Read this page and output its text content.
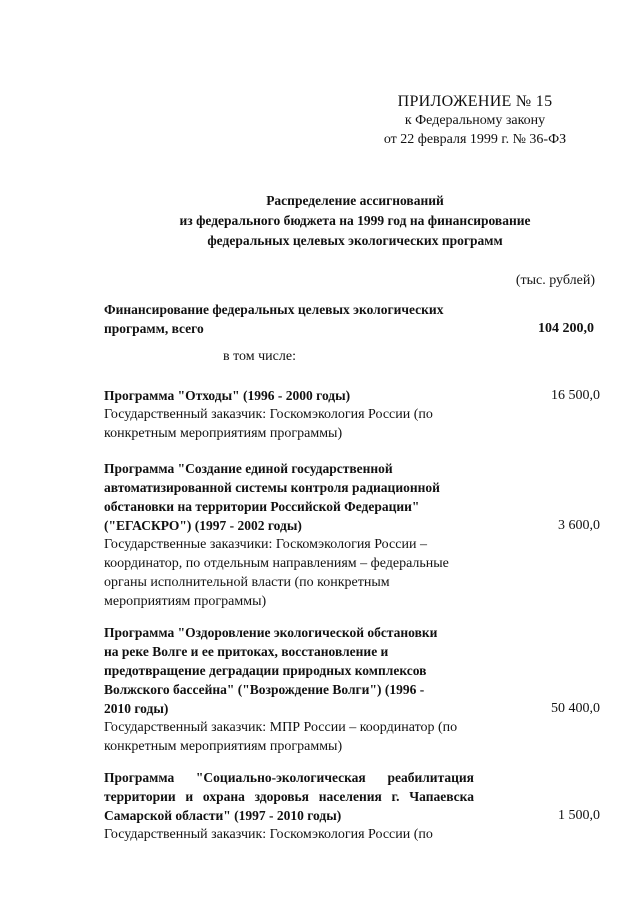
ПРИЛОЖЕНИЕ № 15
к Федеральному закону
от 22 февраля 1999 г. № 36-ФЗ
Распределение ассигнований
из федерального бюджета на 1999 год на финансирование
федеральных целевых экологических программ
(тыс. рублей)
Финансирование федеральных целевых экологических
программ, всего	104 200,0
в том числе:
Программа "Отходы" (1996 - 2000 годы)	16 500,0
Государственный заказчик: Госкомэкология России (по
конкретным мероприятиям программы)
Программа "Создание единой государственной
автоматизированной системы контроля радиационной
обстановки на территории Российской Федерации"
("ЕГАСКРО") (1997 - 2002 годы)	3 600,0
Государственные заказчики: Госкомэкология России –
координатор, по отдельным направлениям – федеральные
органы исполнительной власти (по конкретным
мероприятиям программы)
Программа "Оздоровление экологической обстановки
на реке Волге и ее притоках, восстановление и
предотвращение деградации природных комплексов
Волжского бассейна" ("Возрождение Волги") (1996 -
2010 годы)	50 400,0
Государственный заказчик: МПР России – координатор (по
конкретным мероприятиям программы)
Программа "Социально-экологическая реабилитация
территории и охрана здоровья населения г. Чапаевска
Самарской области" (1997 - 2010 годы)	1 500,0
Государственный заказчик: Госкомэкология России (по
